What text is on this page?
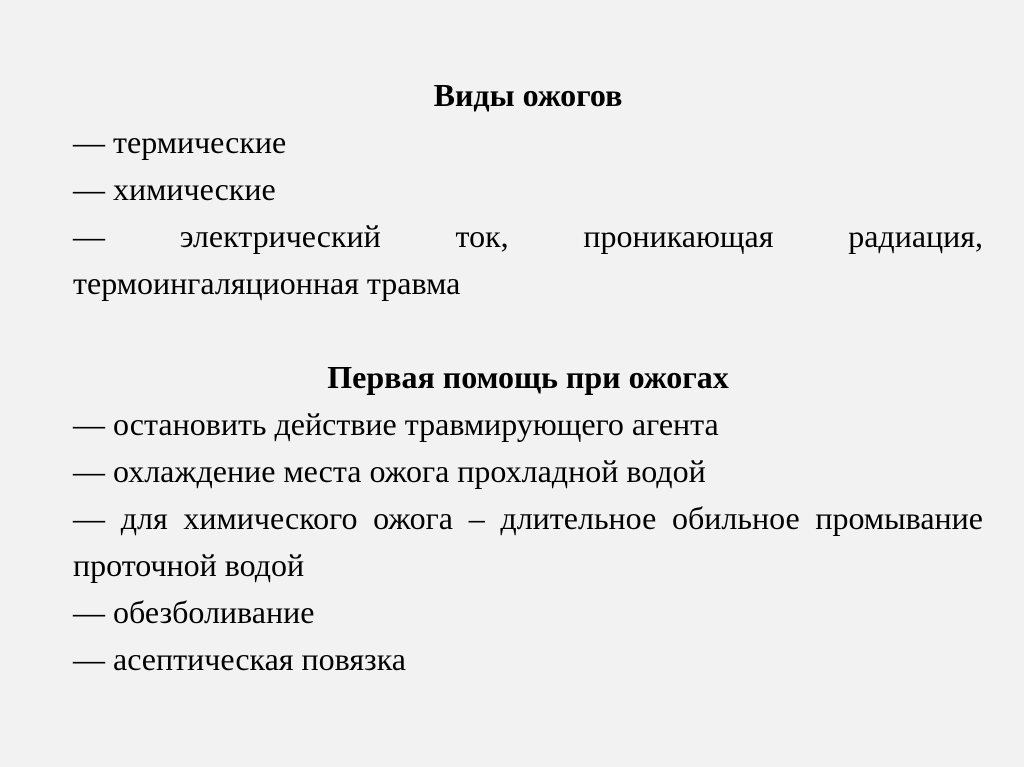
Виды ожогов
— термические
— химические
— электрический ток, проникающая радиация, термоингаляционная травма
Первая помощь при ожогах
— остановить действие травмирующего агента
— охлаждение места ожога прохладной водой
— для химического ожога – длительное обильное промывание проточной водой
— обезболивание
— асептическая повязка
